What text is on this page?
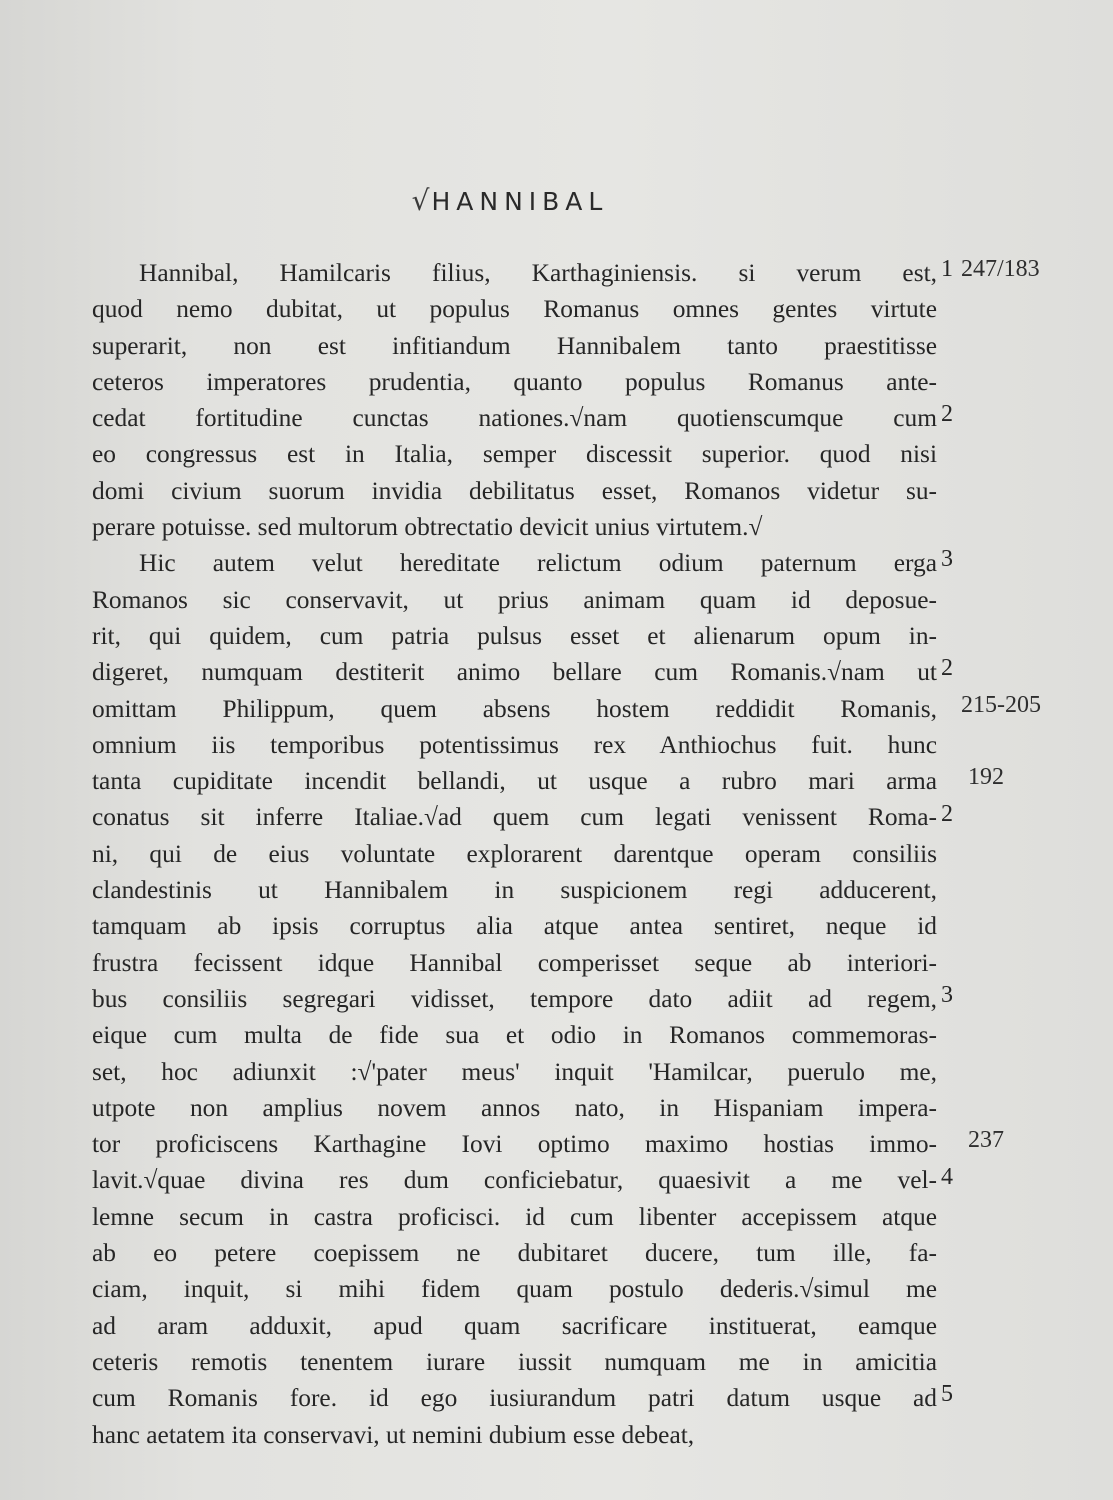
√HANNIBAL
Hannibal, Hamilcaris filius, Karthaginiensis. si verum est,
quod nemo dubitat, ut populus Romanus omnes gentes virtute
superarit, non est infitiandum Hannibalem tanto praestitisse
ceteros imperatores prudentia, quanto populus Romanus ante-
cedat fortitudine cunctas nationes.√nam quotienscumque cum
eo congressus est in Italia, semper discessit superior. quod nisi
domi civium suorum invidia debilitatus esset, Romanos videtur su-
perare potuisse. sed multorum obtrectatio devicit unius virtutem.√
Hic autem velut hereditate relictum odium paternum erga
Romanos sic conservavit, ut prius animam quam id deposue-
rit, qui quidem, cum patria pulsus esset et alienarum opum in-
digeret, numquam destiterit animo bellare cum Romanis.√nam ut
omittam Philippum, quem absens hostem reddidit Romanis,
omnium iis temporibus potentissimus rex Anthiochus fuit. hunc
tanta cupiditate incendit bellandi, ut usque a rubro mari arma
conatus sit inferre Italiae.√ad quem cum legati venissent Roma-
ni, qui de eius voluntate explorarent darentque operam consiliis
clandestinis ut Hannibalem in suspicionem regi adducerent,
tamquam ab ipsis corruptus alia atque antea sentiret, neque id
frustra fecissent idque Hannibal comperisset seque ab interiori-
bus consiliis segregari vidisset, tempore dato adiit ad regem,
eique cum multa de fide sua et odio in Romanos commemoras-
set, hoc adiunxit :√'pater meus' inquit 'Hamilcar, puerulo me,
utpote non amplius novem annos nato, in Hispaniam impera-
tor proficiscens Karthagine Iovi optimo maximo hostias immo-
lavit.√quae divina res dum conficiebatur, quaesivit a me vel-
lemne secum in castra proficisci. id cum libenter accepissem atque
ab eo petere coepissem ne dubitaret ducere, tum ille, fa-
ciam, inquit, si mihi fidem quam postulo dederis.√simul me
ad aram adduxit, apud quam sacrificare instituerat, eamque
ceteris remotis tenentem iurare iussit numquam me in amicitia
cum Romanis fore. id ego iusiurandum patri datum usque ad
hanc aetatem ita conservavi, ut nemini dubium esse debeat,
1
2
3
2
2
3
4
5
247/183
215-205
192
237
